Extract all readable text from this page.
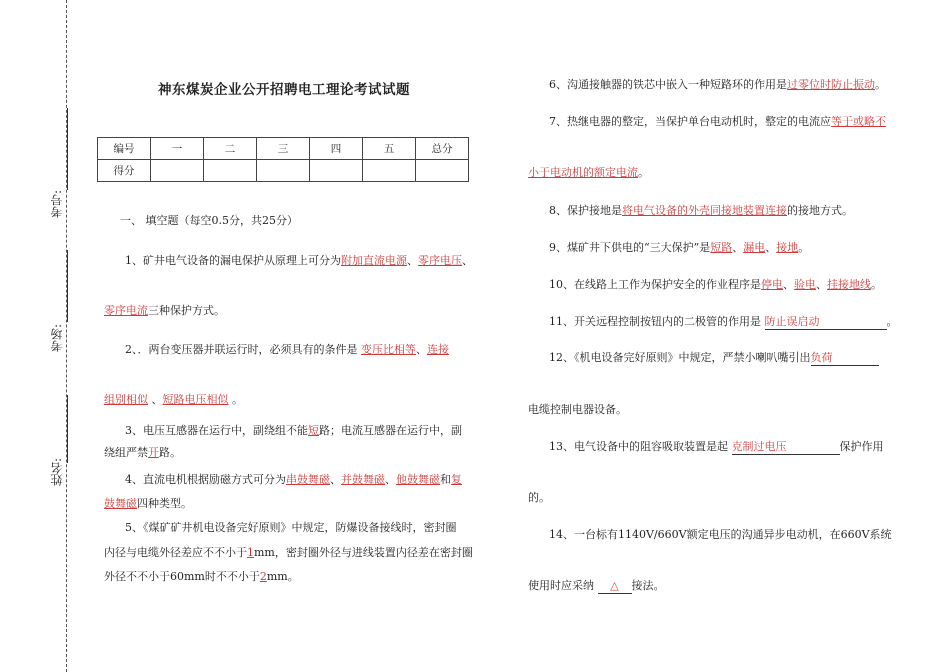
考号:
考场:
姓名:
神东煤炭企业公开招聘电工理论考试试题
编号	一	二	三	四	五	总分
得分						
一、 填空题（每空0.5分，共25分）
1、矿井电气设备的漏电保护从原理上可分为附加直流电源、零序电压、
零序电流三种保护方式。
2、．两台变压器并联运行时，必须具有的条件是 变压比相等、连接
组别相似 、短路电压相似 。
3、电压互感器在运行中，副绕组不能短路；电流互感器在运行中，副
绕组严禁开路。
4、直流电机根据励磁方式可分为串鼓舞磁、并鼓舞磁、他鼓舞磁和复
鼓舞磁四种类型。
5、《煤矿矿井机电设备完好原则》中规定，防爆设备接线时，密封圈
内径与电缆外径差应不不小于1mm，密封圈外径与进线装置内径差在密封圈
外径不不小于60mm时不不小于2mm。
6、沟通接触器的铁芯中嵌入一种短路环的作用是过零位时防止振动。
7、热继电器的整定，当保护单台电动机时，整定的电流应等于或略不
小于电动机的额定电流。
8、保护接地是将电气设备的外壳同接地装置连接的接地方式。
9、煤矿井下供电的“三大保护”是短路、漏电、接地。
10、在线路上工作为保护安全的作业程序是停电、验电、挂接地线。
11、开关远程控制按钮内的二极管的作用是 防止误启动	。
12、《机电设备完好原则》中规定，严禁小喇叭嘴引出负荷
电缆控制电器设备。
13、电气设备中的阻容吸取装置是起 克制过电压	保护作用
的。
14、一台标有1140V/660V额定电压的沟通异步电动机，在660V系统
使用时应采纳 △ 接法。
